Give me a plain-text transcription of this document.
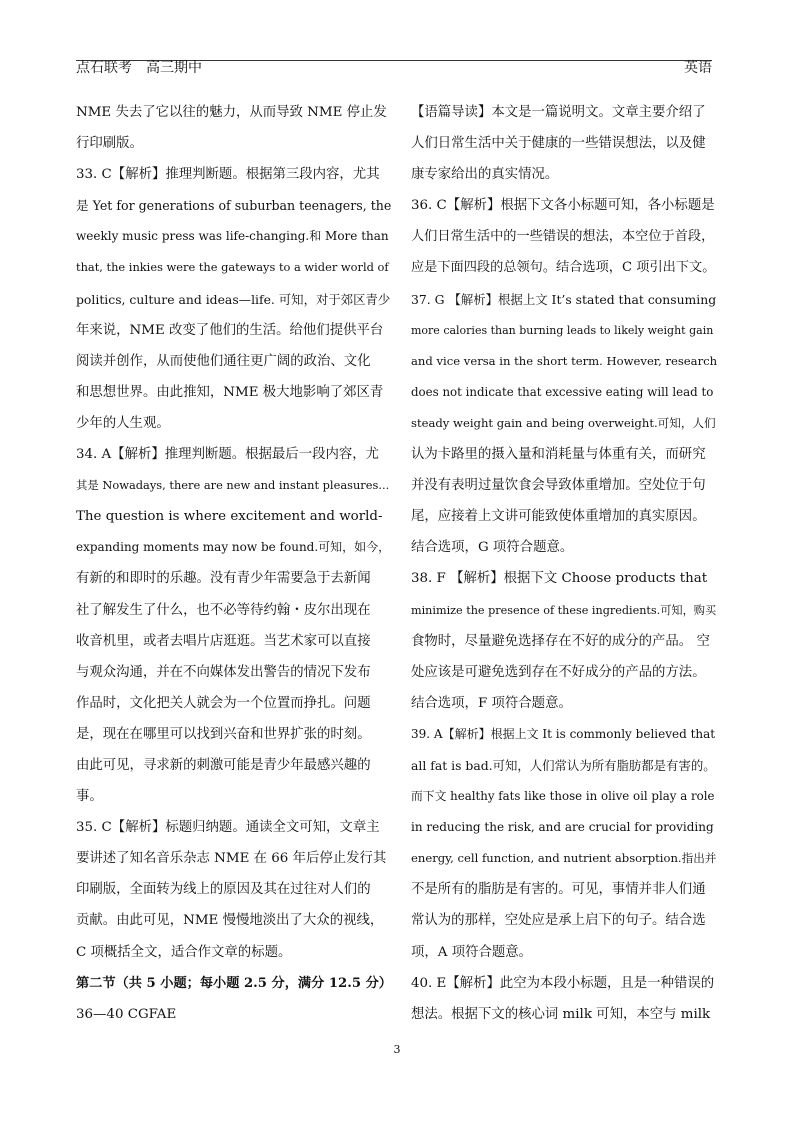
点石联考　高三期中	英语
NME 失去了它以往的魅力，从而导致 NME 停止发
行印刷版。
33. C【解析】推理判断题。根据第三段内容，尤其
是 Yet for generations of suburban teenagers, the
weekly music press was life-changing.和 More than
that, the inkies were the gateways to a wider world of
politics, culture and ideas—life. 可知，对于郊区青少
年来说，NME 改变了他们的生活。给他们提供平台
阅读并创作，从而使他们通往更广阔的政治、文化
和思想世界。由此推知，NME 极大地影响了郊区青
少年的人生观。
34. A【解析】推理判断题。根据最后一段内容，尤
其是 Nowadays, there are new and instant pleasures...
The question is where excitement and world-
expanding moments may now be found.可知，如今，
有新的和即时的乐趣。没有青少年需要急于去新闻
社了解发生了什么，也不必等待约翰・皮尔出现在
收音机里，或者去唱片店逛逛。当艺术家可以直接
与观众沟通，并在不向媒体发出警告的情况下发布
作品时，文化把关人就会为一个位置而挣扎。问题
是，现在在哪里可以找到兴奋和世界扩张的时刻。
由此可见，寻求新的刺激可能是青少年最感兴趣的
事。
35. C【解析】标题归纳题。通读全文可知，文章主
要讲述了知名音乐杂志 NME 在 66 年后停止发行其
印刷版，全面转为线上的原因及其在过往对人们的
贡献。由此可见，NME 慢慢地淡出了大众的视线，
C 项概括全文，适合作文章的标题。
第二节（共 5 小题；每小题 2.5 分，满分 12.5 分）
36—40 CGFAE
【语篇导读】本文是一篇说明文。文章主要介绍了
人们日常生活中关于健康的一些错误想法，以及健
康专家给出的真实情况。
36. C【解析】根据下文各小标题可知，各小标题是
人们日常生活中的一些错误的想法，本空位于首段，
应是下面四段的总领句。结合选项，C 项引出下文。
37. G 【解析】根据上文 It’s stated that consuming
more calories than burning leads to likely weight gain
and vice versa in the short term. However, research
does not indicate that excessive eating will lead to
steady weight gain and being overweight.可知，人们
认为卡路里的摄入量和消耗量与体重有关，而研究
并没有表明过量饮食会导致体重增加。空处位于句
尾，应接着上文讲可能致使体重增加的真实原因。
结合选项，G 项符合题意。
38. F 【解析】根据下文 Choose products that
minimize the presence of these ingredients.可知，购买
食物时，尽量避免选择存在不好的成分的产品。 空
处应该是可避免选到存在不好成分的产品的方法。
结合选项，F 项符合题意。
39. A【解析】根据上文 It is commonly believed that
all fat is bad.可知，人们常认为所有脂肪都是有害的。
而下文 healthy fats like those in olive oil play a role
in reducing the risk, and are crucial for providing
energy, cell function, and nutrient absorption.指出并
不是所有的脂肪是有害的。可见，事情并非人们通
常认为的那样，空处应是承上启下的句子。结合选
项，A 项符合题意。
40. E【解析】此空为本段小标题，且是一种错误的
想法。根据下文的核心词 milk 可知，本空与 milk
3
